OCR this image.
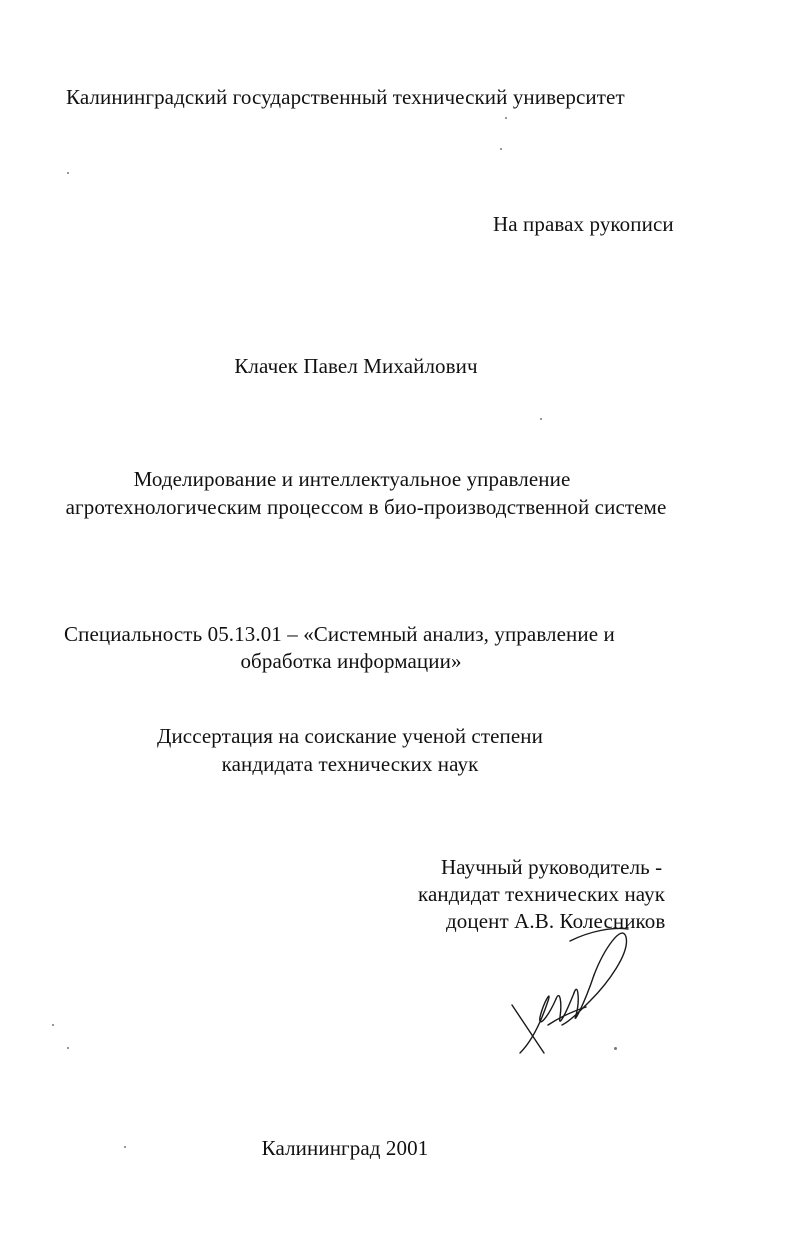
Калининградский государственный технический университет
На правах рукописи
Клачек Павел Михайлович
Моделирование и интеллектуальное управление
агротехнологическим процессом в био-производственной системе
Специальность 05.13.01 – «Системный анализ, управление и
обработка информации»
Диссертация на соискание ученой степени
кандидата технических наук
Научный руководитель -
кандидат технических наук
доцент А.В. Колесников
Калининград 2001
